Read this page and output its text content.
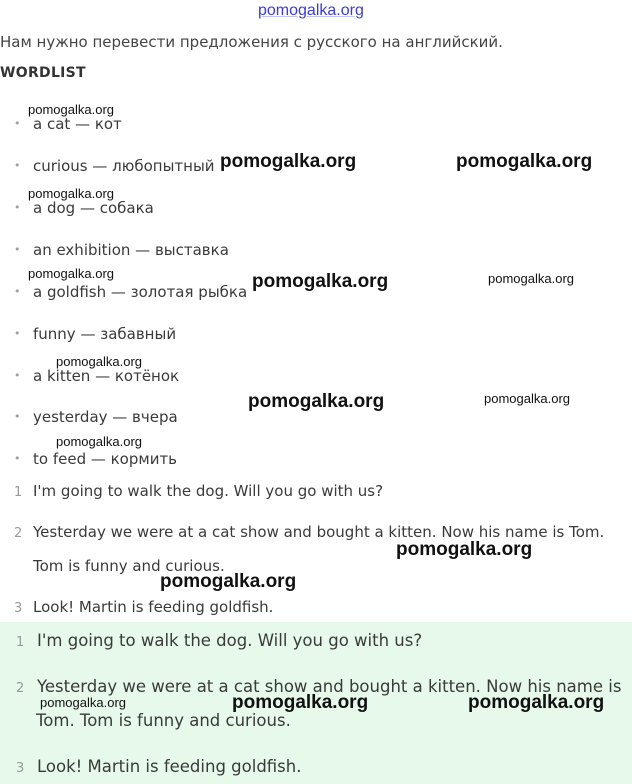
pomogalka.org
Нам нужно перевести предложения с русского на английский.
WORDLIST
• a cat — кот
• curious — любопытный
• a dog — собака
• an exhibition — выставка
• a goldfish — золотая рыбка
• funny — забавный
• a kitten — котёнок
• yesterday — вчера
• to feed — кормить
1 I'm going to walk the dog. Will you go with us?
2 Yesterday we were at a cat show and bought a kitten. Now his name is Tom.
Tom is funny and curious.
3 Look! Martin is feeding goldfish.
1 I'm going to walk the dog. Will you go with us?
2 Yesterday we were at a cat show and bought a kitten. Now his name is
Tom. Tom is funny and curious.
3 Look! Martin is feeding goldfish.
pomogalka.org
pomogalka.org	pomogalka.org
pomogalka.org
pomogalka.org	pomogalka.org	pomogalka.org
pomogalka.org
pomogalka.org	pomogalka.org
pomogalka.org
pomogalka.org
pomogalka.org
pomogalka.org	pomogalka.org	pomogalka.org
